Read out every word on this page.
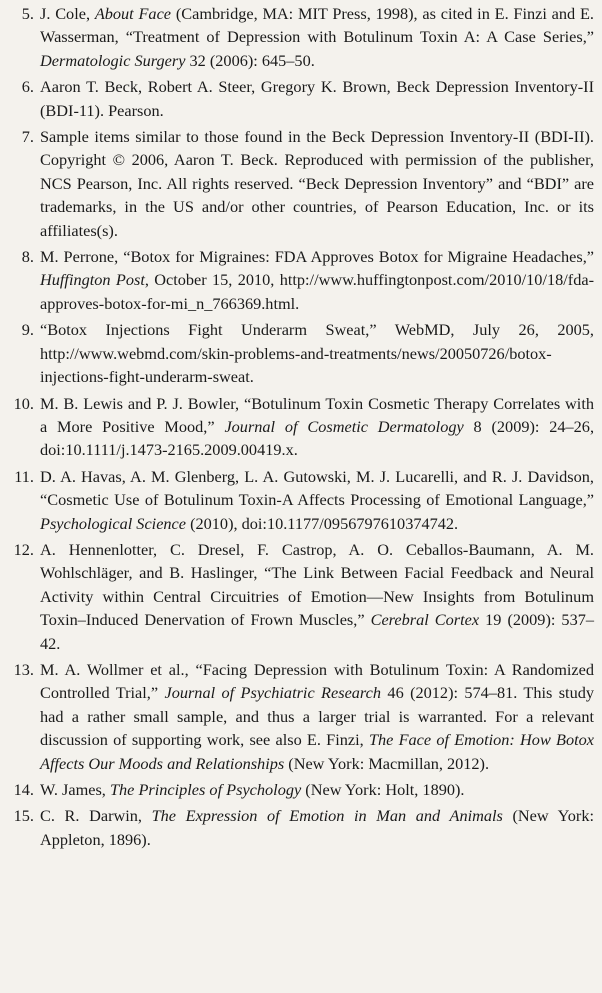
5. J. Cole, About Face (Cambridge, MA: MIT Press, 1998), as cited in E. Finzi and E. Wasserman, “Treatment of Depression with Botulinum Toxin A: A Case Series,” Dermatologic Surgery 32 (2006): 645–50.
6. Aaron T. Beck, Robert A. Steer, Gregory K. Brown, Beck Depression Inventory-II (BDI-11). Pearson.
7. Sample items similar to those found in the Beck Depression Inventory-II (BDI-II). Copyright © 2006, Aaron T. Beck. Reproduced with permission of the publisher, NCS Pearson, Inc. All rights reserved. “Beck Depression Inventory” and “BDI” are trademarks, in the US and/or other countries, of Pearson Education, Inc. or its affiliates(s).
8. M. Perrone, “Botox for Migraines: FDA Approves Botox for Migraine Headaches,” Huffington Post, October 15, 2010, http://www.huffingtonpost.com/2010/10/18/fda-approves-botox-for-mi_n_766369.html.
9. “Botox Injections Fight Underarm Sweat,” WebMD, July 26, 2005, http://www.webmd.com/skin-problems-and-treatments/news/20050726/botox-injections-fight-underarm-sweat.
10. M. B. Lewis and P. J. Bowler, “Botulinum Toxin Cosmetic Therapy Correlates with a More Positive Mood,” Journal of Cosmetic Dermatology 8 (2009): 24–26, doi:10.1111/j.1473-2165.2009.00419.x.
11. D. A. Havas, A. M. Glenberg, L. A. Gutowski, M. J. Lucarelli, and R. J. Davidson, “Cosmetic Use of Botulinum Toxin-A Affects Processing of Emotional Language,” Psychological Science (2010), doi:10.1177/0956797610374742.
12. A. Hennenlotter, C. Dresel, F. Castrop, A. O. Ceballos-Baumann, A. M. Wohlschläger, and B. Haslinger, “The Link Between Facial Feedback and Neural Activity within Central Circuitries of Emotion—New Insights from Botulinum Toxin–Induced Denervation of Frown Muscles,” Cerebral Cortex 19 (2009): 537–42.
13. M. A. Wollmer et al., “Facing Depression with Botulinum Toxin: A Randomized Controlled Trial,” Journal of Psychiatric Research 46 (2012): 574–81. This study had a rather small sample, and thus a larger trial is warranted. For a relevant discussion of supporting work, see also E. Finzi, The Face of Emotion: How Botox Affects Our Moods and Relationships (New York: Macmillan, 2012).
14. W. James, The Principles of Psychology (New York: Holt, 1890).
15. C. R. Darwin, The Expression of Emotion in Man and Animals (New York: Appleton, 1896).
